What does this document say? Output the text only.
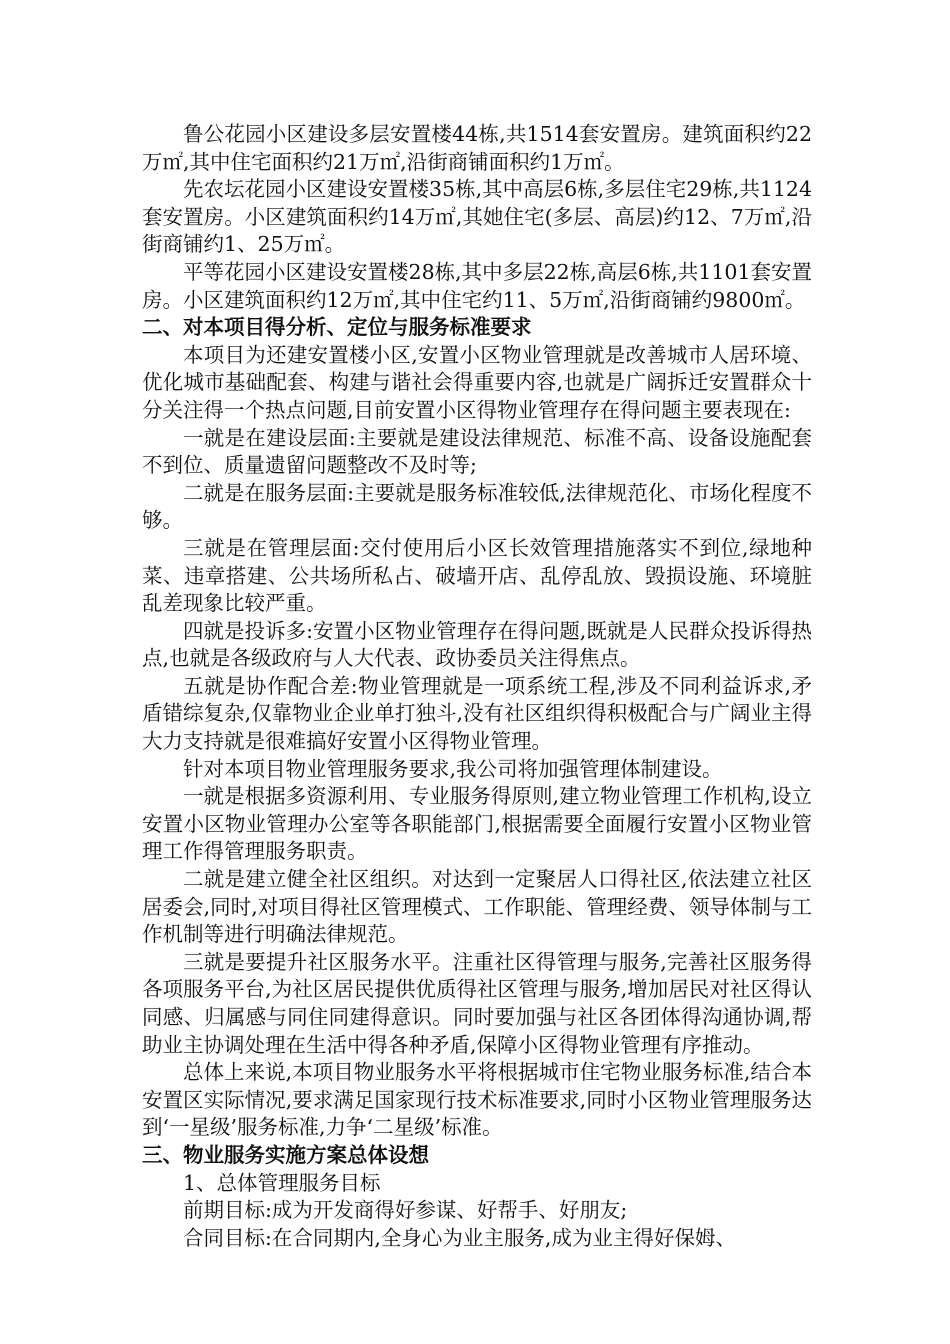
鲁公花园小区建设多层安置楼44栋,共1514套安置房。建筑面积约22万㎡,其中住宅面积约21万㎡,沿街商铺面积约1万㎡。

先农坛花园小区建设安置楼35栋,其中高层6栋,多层住宅29栋,共1124套安置房。小区建筑面积约14万㎡,其她住宅(多层、高层)约12、7万㎡,沿街商铺约1、25万㎡。

平等花园小区建设安置楼28栋,其中多层22栋,高层6栋,共1101套安置房。小区建筑面积约12万㎡,其中住宅约11、5万㎡,沿街商铺约9800㎡。

二、对本项目得分析、定位与服务标准要求

本项目为还建安置楼小区,安置小区物业管理就是改善城市人居环境、优化城市基础配套、构建与谐社会得重要内容,也就是广阔拆迁安置群众十分关注得一个热点问题,目前安置小区得物业管理存在得问题主要表现在:

一就是在建设层面:主要就是建设法律规范、标准不高、设备设施配套不到位、质量遗留问题整改不及时等;

二就是在服务层面:主要就是服务标准较低,法律规范化、市场化程度不够。

三就是在管理层面:交付使用后小区长效管理措施落实不到位,绿地种菜、违章搭建、公共场所私占、破墙开店、乱停乱放、毁损设施、环境脏乱差现象比较严重。

四就是投诉多:安置小区物业管理存在得问题,既就是人民群众投诉得热点,也就是各级政府与人大代表、政协委员关注得焦点。

五就是协作配合差:物业管理就是一项系统工程,涉及不同利益诉求,矛盾错综复杂,仅靠物业企业单打独斗,没有社区组织得积极配合与广阔业主得大力支持就是很难搞好安置小区得物业管理。

针对本项目物业管理服务要求,我公司将加强管理体制建设。

一就是根据多资源利用、专业服务得原则,建立物业管理工作机构,设立安置小区物业管理办公室等各职能部门,根据需要全面履行安置小区物业管理工作得管理服务职责。

二就是建立健全社区组织。对达到一定聚居人口得社区,依法建立社区居委会,同时,对项目得社区管理模式、工作职能、管理经费、领导体制与工作机制等进行明确法律规范。

三就是要提升社区服务水平。注重社区得管理与服务,完善社区服务得各项服务平台,为社区居民提供优质得社区管理与服务,增加居民对社区得认同感、归属感与同住同建得意识。同时要加强与社区各团体得沟通协调,帮助业主协调处理在生活中得各种矛盾,保障小区得物业管理有序推动。

总体上来说,本项目物业服务水平将根据城市住宅物业服务标准,结合本安置区实际情况,要求满足国家现行技术标准要求,同时小区物业管理服务达到‘一星级’服务标准,力争‘二星级’标准。

三、物业服务实施方案总体设想

1、总体管理服务目标

前期目标:成为开发商得好参谋、好帮手、好朋友;

合同目标:在合同期内,全身心为业主服务,成为业主得好保姆、
